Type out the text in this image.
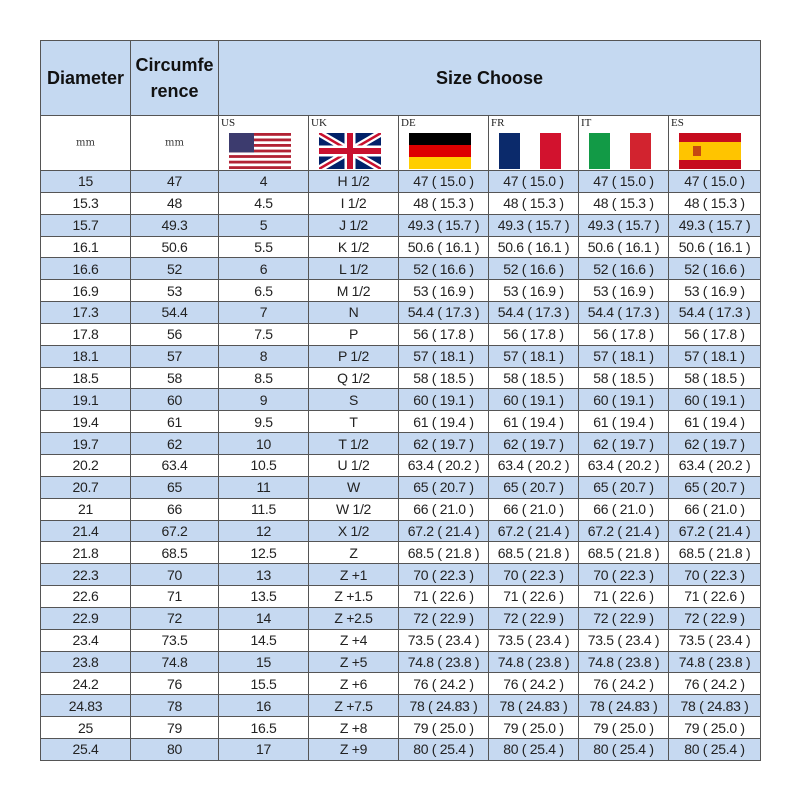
Diameter	Circumfe rence	Size Choose					
mm	mm	US	UK	DE	FR	IT	ES

15	47	4	H 1/2	47 ( 15.0 )	47 ( 15.0 )	47 ( 15.0 )	47 ( 15.0 )
15.3	48	4.5	I 1/2	48 ( 15.3 )	48 ( 15.3 )	48 ( 15.3 )	48 ( 15.3 )
15.7	49.3	5	J 1/2	49.3 ( 15.7 )	49.3 ( 15.7 )	49.3 ( 15.7 )	49.3 ( 15.7 )
16.1	50.6	5.5	K 1/2	50.6 ( 16.1 )	50.6 ( 16.1 )	50.6 ( 16.1 )	50.6 ( 16.1 )
16.6	52	6	L 1/2	52 ( 16.6 )	52 ( 16.6 )	52 ( 16.6 )	52 ( 16.6 )
16.9	53	6.5	M 1/2	53 ( 16.9 )	53 ( 16.9 )	53 ( 16.9 )	53 ( 16.9 )
17.3	54.4	7	N	54.4 ( 17.3 )	54.4 ( 17.3 )	54.4 ( 17.3 )	54.4 ( 17.3 )
17.8	56	7.5	P	56 ( 17.8 )	56 ( 17.8 )	56 ( 17.8 )	56 ( 17.8 )
18.1	57	8	P 1/2	57 ( 18.1 )	57 ( 18.1 )	57 ( 18.1 )	57 ( 18.1 )
18.5	58	8.5	Q 1/2	58 ( 18.5 )	58 ( 18.5 )	58 ( 18.5 )	58 ( 18.5 )
19.1	60	9	S	60 ( 19.1 )	60 ( 19.1 )	60 ( 19.1 )	60 ( 19.1 )
19.4	61	9.5	T	61 ( 19.4 )	61 ( 19.4 )	61 ( 19.4 )	61 ( 19.4 )
19.7	62	10	T 1/2	62 ( 19.7 )	62 ( 19.7 )	62 ( 19.7 )	62 ( 19.7 )
20.2	63.4	10.5	U 1/2	63.4 ( 20.2 )	63.4 ( 20.2 )	63.4 ( 20.2 )	63.4 ( 20.2 )
20.7	65	11	W	65 ( 20.7 )	65 ( 20.7 )	65 ( 20.7 )	65 ( 20.7 )
21	66	11.5	W 1/2	66 ( 21.0 )	66 ( 21.0 )	66 ( 21.0 )	66 ( 21.0 )
21.4	67.2	12	X 1/2	67.2 ( 21.4 )	67.2 ( 21.4 )	67.2 ( 21.4 )	67.2 ( 21.4 )
21.8	68.5	12.5	Z	68.5 ( 21.8 )	68.5 ( 21.8 )	68.5 ( 21.8 )	68.5 ( 21.8 )
22.3	70	13	Z +1	70 ( 22.3 )	70 ( 22.3 )	70 ( 22.3 )	70 ( 22.3 )
22.6	71	13.5	Z +1.5	71 ( 22.6 )	71 ( 22.6 )	71 ( 22.6 )	71 ( 22.6 )
22.9	72	14	Z +2.5	72 ( 22.9 )	72 ( 22.9 )	72 ( 22.9 )	72 ( 22.9 )
23.4	73.5	14.5	Z +4	73.5 ( 23.4 )	73.5 ( 23.4 )	73.5 ( 23.4 )	73.5 ( 23.4 )
23.8	74.8	15	Z +5	74.8 ( 23.8 )	74.8 ( 23.8 )	74.8 ( 23.8 )	74.8 ( 23.8 )
24.2	76	15.5	Z +6	76 ( 24.2 )	76 ( 24.2 )	76 ( 24.2 )	76 ( 24.2 )
24.83	78	16	Z +7.5	78 ( 24.83 )	78 ( 24.83 )	78 ( 24.83 )	78 ( 24.83 )
25	79	16.5	Z +8	79 ( 25.0 )	79 ( 25.0 )	79 ( 25.0 )	79 ( 25.0 )
25.4	80	17	Z +9	80 ( 25.4 )	80 ( 25.4 )	80 ( 25.4 )	80 ( 25.4 )
